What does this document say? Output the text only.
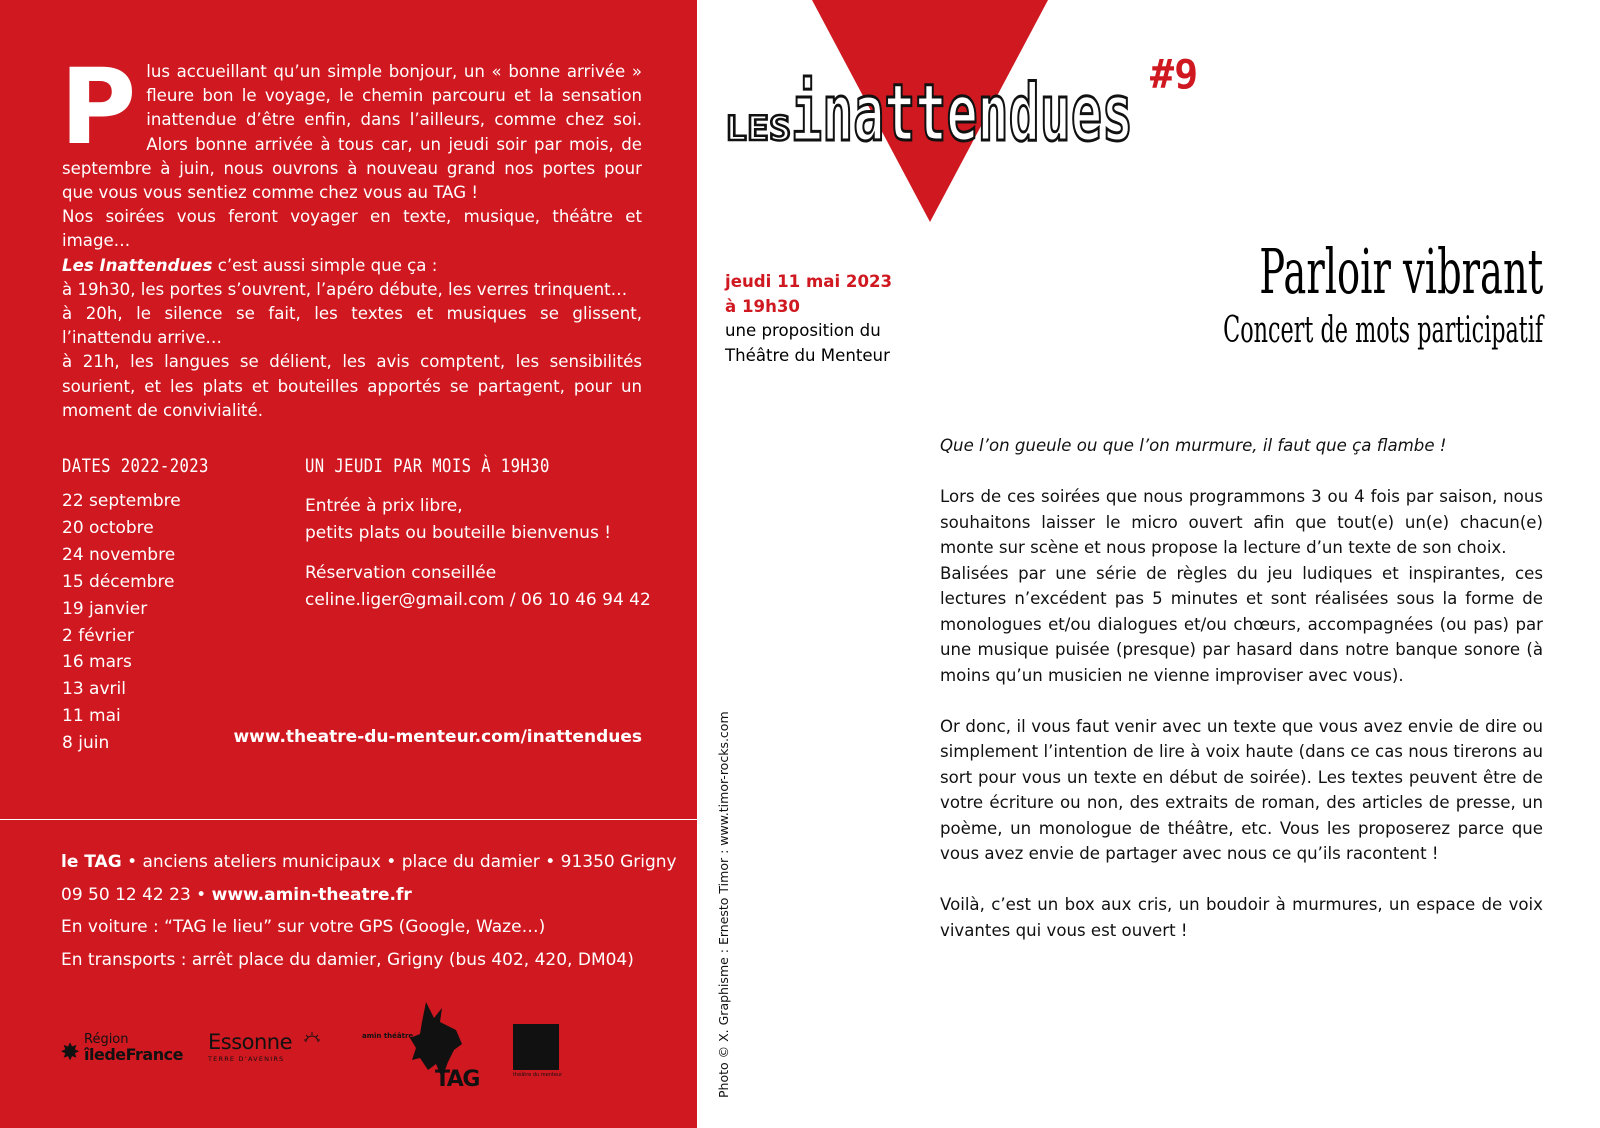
P lus accueillant qu’un simple bonjour, un « bonne arrivée » fleure bon le voyage, le chemin parcouru et la sensation inattendue d’être enfin, dans l’ailleurs, comme chez soi. Alors bonne arrivée à tous car, un jeudi soir par mois, de septembre à juin, nous ouvrons à nouveau grand nos portes pour que vous vous sentiez comme chez vous au TAG !

Nos soirées vous feront voyager en texte, musique, théâtre et image…

Les Inattendues c’est aussi simple que ça :

à 19h30, les portes s’ouvrent, l’apéro débute, les verres trinquent…

à 20h, le silence se fait, les textes et musiques se glissent, l’inattendu arrive…

à 21h, les langues se délient, les avis comptent, les sensibilités sourient, et les plats et bouteilles apportés se partagent, pour un moment de convivialité.

DATES 2022-2023
22 septembre
20 octobre
24 novembre
15 décembre
19 janvier
2 février
16 mars
13 avril
11 mai
8 juin
UN JEUDI PAR MOIS À 19H30
Entrée à prix libre,
petits plats ou bouteille bienvenus !
Réservation conseillée
celine.liger@gmail.com / 06 10 46 94 42
www.theatre-du-menteur.com/inattendues
le TAG • anciens ateliers municipaux • place du damier • 91350 Grigny
09 50 12 42 23 • www.amin-theatre.fr
En voiture : “TAG le lieu” sur votre GPS (Google, Waze…)
En transports : arrêt place du damier, Grigny (bus 402, 420, DM04)
✸ Région
îledeFrance
Essonne
TERRE D’AVENIRS
amin théâtre
TAG	théâtre du menteur
LES inattendues #9
jeudi 11 mai 2023
à 19h30
une proposition du
Théâtre du Menteur
Parloir vibrant
Concert de mots participatif

Que l’on gueule ou que l’on murmure, il faut que ça flambe !

Lors de ces soirées que nous programmons 3 ou 4 fois par saison, nous souhaitons laisser le micro ouvert afin que tout(e) un(e) chacun(e) monte sur scène et nous propose la lecture d’un texte de son choix.

Balisées par une série de règles du jeu ludiques et inspirantes, ces lectures n’excédent pas 5 minutes et sont réalisées sous la forme de monologues et/ou dialogues et/ou chœurs, accompagnées (ou pas) par une musique puisée (presque) par hasard dans notre banque sonore (à moins qu’un musicien ne vienne improviser avec vous).

Or donc, il vous faut venir avec un texte que vous avez envie de dire ou simplement l’intention de lire à voix haute (dans ce cas nous tirerons au sort pour vous un texte en début de soirée). Les textes peuvent être de votre écriture ou non, des extraits de roman, des articles de presse, un poème, un monologue de théâtre, etc. Vous les proposerez parce que vous avez envie de partager avec nous ce qu’ils racontent !

Voilà, c’est un box aux cris, un boudoir à murmures, un espace de voix vivantes qui vous est ouvert !

Photo © X. Graphisme : Ernesto Timor : www.timor-rocks.com
